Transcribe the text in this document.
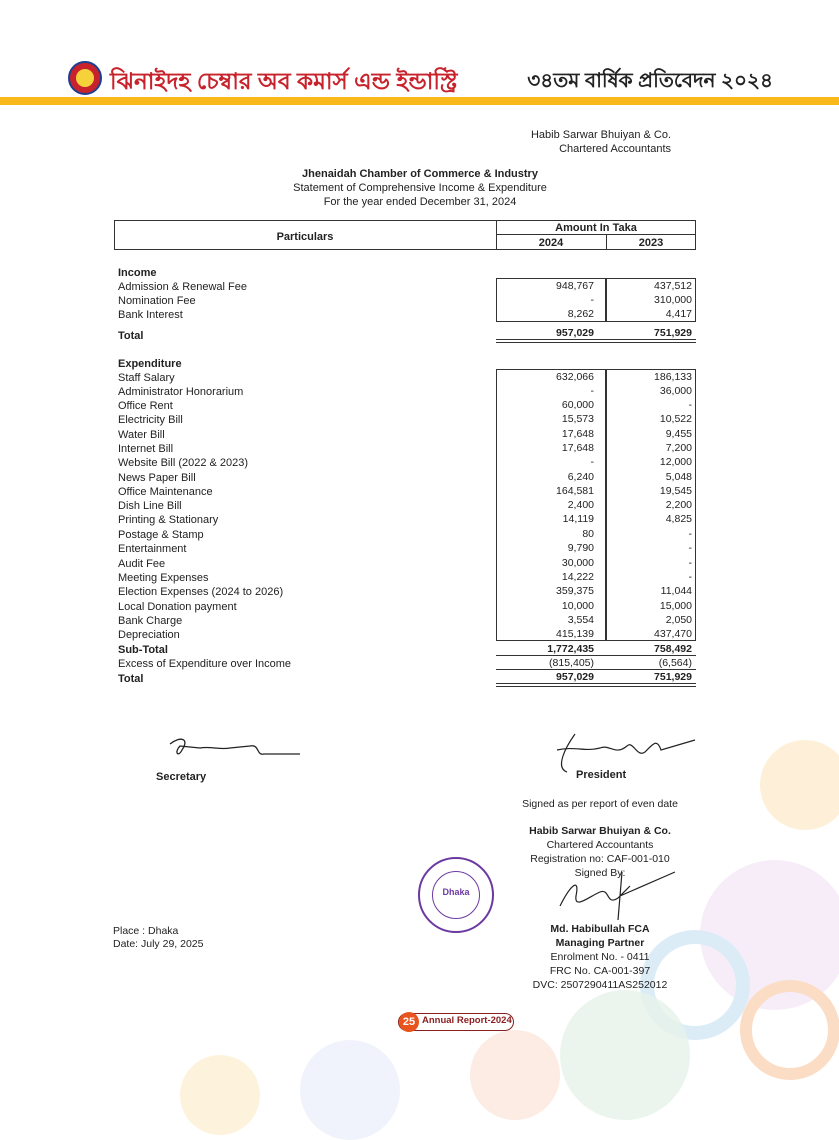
ঝিনাইদহ চেম্বার অব কমার্স এন্ড ইন্ডাস্ট্রি	৩৪তম বার্ষিক প্রতিবেদন ২০২৪
Habib Sarwar Bhuiyan & Co.
Chartered Accountants
Jhenaidah Chamber of Commerce & Industry
Statement of Comprehensive Income & Expenditure
For the year ended December 31, 2024
Particulars
Amount In Taka
2024	2023
Income
Admission & Renewal Fee	948,767	437,512
Nomination Fee	-	310,000
Bank Interest	8,262	4,417
Total	957,029	751,929
Expenditure
Staff Salary	632,066	186,133
Administrator Honorarium	-	36,000
Office Rent	60,000	-
Electricity Bill	15,573	10,522
Water Bill	17,648	9,455
Internet Bill	17,648	7,200
Website Bill (2022 & 2023)	-	12,000
News Paper Bill	6,240	5,048
Office Maintenance	164,581	19,545
Dish Line Bill	2,400	2,200
Printing & Stationary	14,119	4,825
Postage & Stamp	80	-
Entertainment	9,790	-
Audit Fee	30,000	-
Meeting Expenses	14,222	-
Election Expenses (2024 to 2026)	359,375	11,044
Local Donation payment	10,000	15,000
Bank Charge	3,554	2,050
Depreciation	415,139	437,470
Sub-Total	1,772,435	758,492
Excess of Expenditure over Income	(815,405)	(6,564)
Total	957,029	751,929
Secretary	President
Signed as per report of even date
Habib Sarwar Bhuiyan & Co.
Chartered Accountants
Registration no: CAF-001-010
Signed By:
Md. Habibullah FCA
Managing Partner
Enrolment No. - 0411
FRC No. CA-001-397
DVC: 2507290411AS252012
Dhaka
Place : Dhaka
Date: July 29, 2025
25 Annual Report-2024
